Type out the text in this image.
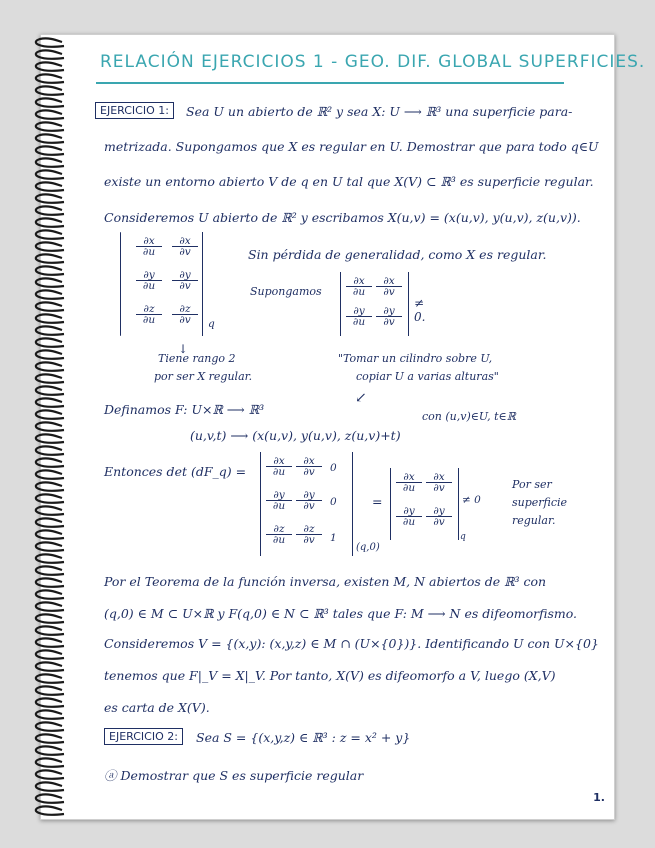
RELACIÓN EJERCICIOS 1 - GEO. DIF. GLOBAL SUPERFICIES.
EJERCICIO 1:	Sea U un abierto de ℝ² y sea X: U ⟶ ℝ³ una superficie para-
metrizada. Supongamos que X es regular en U. Demostrar que para todo q∈U
existe un entorno abierto V de q en U tal que X(V) ⊂ ℝ³ es superficie regular.
Consideremos U abierto de ℝ² y escribamos X(u,v) = (x(u,v), y(u,v), z(u,v)).
$\frac{\partial x}{\partial u} \frac{\partial x}{\partial v}$
$\frac{\partial y}{\partial u} \frac{\partial y}{\partial v}$
$\frac{\partial z}{\partial u} \frac{\partial z}{\partial v}$ q
↓
Tiene rango 2
por ser X regular.
Sin pérdida de generalidad, como X es regular.
Supongamos $\frac{\partial x}{\partial u} \frac{\partial x}{\partial v}$
$\frac{\partial y}{\partial u} \frac{\partial y}{\partial v}$
≠ 0.
"Tomar un cilindro sobre U,
copiar U a varias alturas"
↙
Definamos F: U×ℝ ⟶ ℝ³
(u,v,t) ⟶ (x(u,v), y(u,v), z(u,v)+t)
con (u,v)∈U, t∈ℝ
Entonces det (dF_q) = $\frac{\partial x}{\partial u} \frac{\partial x}{\partial v} 0$
$\frac{\partial y}{\partial u} \frac{\partial y}{\partial v} 0$
$\frac{\partial z}{\partial u} \frac{\partial z}{\partial v} 1$
(q,0)
=
$\frac{\partial x}{\partial u} \frac{\partial x}{\partial v}$
$\frac{\partial y}{\partial u} \frac{\partial y}{\partial v}$
≠ 0
q
Por ser
superficie
regular.
Por el Teorema de la función inversa, existen M, N abiertos de ℝ³ con
(q,0) ∈ M ⊂ U×ℝ y F(q,0) ∈ N ⊂ ℝ³ tales que F: M ⟶ N es difeomorfismo.
Consideremos V = {(x,y): (x,y,z) ∈ M ∩ (U×{0})}. Identificando U con U×{0}
tenemos que F|_V = X|_V. Por tanto, X(V) es difeomorfo a V, luego (X,V)
es carta de X(V).
EJERCICIO 2:	Sea S = {(x,y,z) ∈ ℝ³ : z = x² + y}
ⓐ Demostrar que S es superficie regular
1.
